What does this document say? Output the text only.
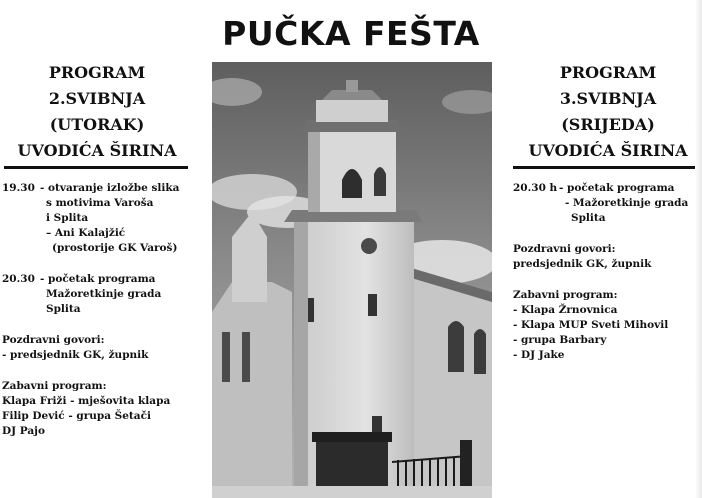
PUČKA FEŠTA
PROGRAM
2.SVIBNJA
(UTORAK)
UVODIĆA ŠIRINA
19.30 - otvaranje izložbe slika
s motivima Varoša
i Splita
– Ani Kalajžić
(prostorije GK Varoš)
20.30 - početak programa
Mažoretkinje grada
Splita
Pozdravni govori:
- predsjednik GK, župnik
Zabavni program:
Klapa Friži - mješovita klapa
Filip Dević - grupa Šetači
DJ Pajo
PROGRAM
3.SVIBNJA
(SRIJEDA)
UVODIĆA ŠIRINA
20.30 h - početak programa
- Mažoretkinje grada
Splita
Pozdravni govori:
predsjednik GK, župnik
Zabavni program:
- Klapa Žrnovnica
- Klapa MUP Sveti Mihovil
- grupa Barbary
- DJ Jake
